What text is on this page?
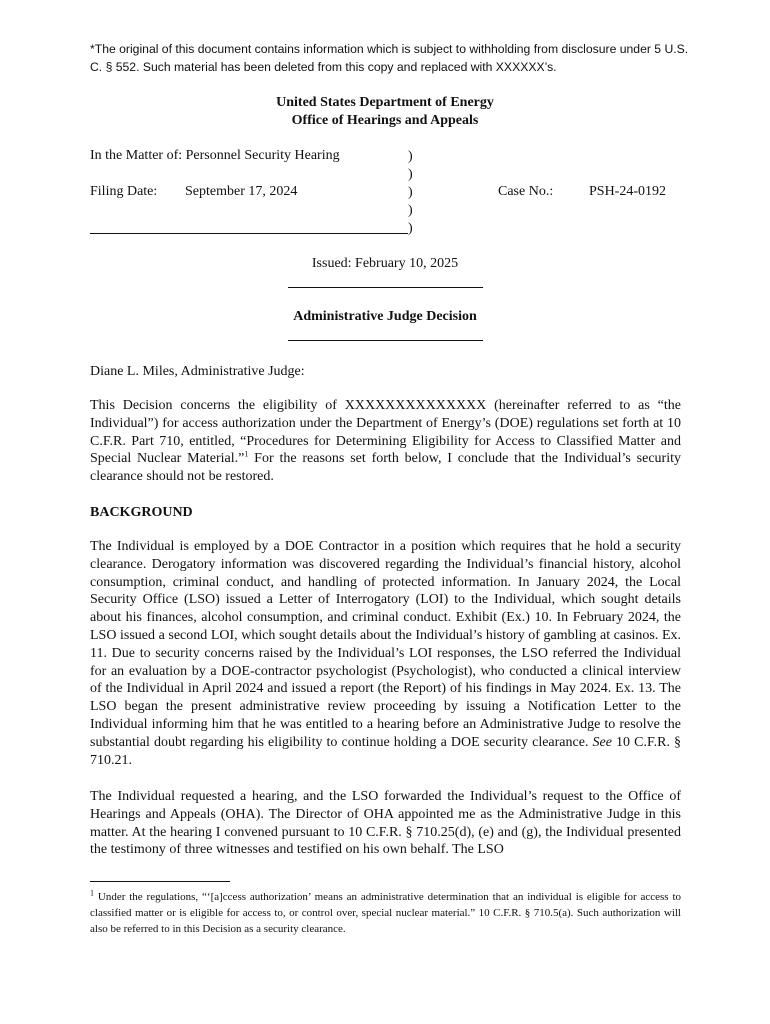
*The original of this document contains information which is subject to withholding from disclosure under 5 U.S. C. § 552. Such material has been deleted from this copy and replaced with XXXXXX’s.
United States Department of Energy
Office of Hearings and Appeals
In the Matter of: Personnel Security Hearing
Filing Date: September 17, 2024	Case No.:	PSH-24-0192
)
)
)
)
)
Issued: February 10, 2025
Administrative Judge Decision
Diane L. Miles, Administrative Judge:
This Decision concerns the eligibility of XXXXXXXXXXXXXX (hereinafter referred to as “the Individual”) for access authorization under the Department of Energy’s (DOE) regulations set forth at 10 C.F.R. Part 710, entitled, “Procedures for Determining Eligibility for Access to Classified Matter and Special Nuclear Material.”$^1$ For the reasons set forth below, I conclude that the Individual’s security clearance should not be restored.
BACKGROUND
The Individual is employed by a DOE Contractor in a position which requires that he hold a security clearance. Derogatory information was discovered regarding the Individual’s financial history, alcohol consumption, criminal conduct, and handling of protected information. In January 2024, the Local Security Office (LSO) issued a Letter of Interrogatory (LOI) to the Individual, which sought details about his finances, alcohol consumption, and criminal conduct. Exhibit (Ex.) 10. In February 2024, the LSO issued a second LOI, which sought details about the Individual’s history of gambling at casinos. Ex. 11. Due to security concerns raised by the Individual’s LOI responses, the LSO referred the Individual for an evaluation by a DOE-contractor psychologist (Psychologist), who conducted a clinical interview of the Individual in April 2024 and issued a report (the Report) of his findings in May 2024. Ex. 13. The LSO began the present administrative review proceeding by issuing a Notification Letter to the Individual informing him that he was entitled to a hearing before an Administrative Judge to resolve the substantial doubt regarding his eligibility to continue holding a DOE security clearance. See 10 C.F.R. § 710.21.
The Individual requested a hearing, and the LSO forwarded the Individual’s request to the Office of Hearings and Appeals (OHA). The Director of OHA appointed me as the Administrative Judge in this matter. At the hearing I convened pursuant to 10 C.F.R. § 710.25(d), (e) and (g), the Individual presented the testimony of three witnesses and testified on his own behalf. The LSO
$^1$ Under the regulations, “‘[a]ccess authorization’ means an administrative determination that an individual is eligible for access to classified matter or is eligible for access to, or control over, special nuclear material.” 10 C.F.R. § 710.5(a). Such authorization will also be referred to in this Decision as a security clearance.
